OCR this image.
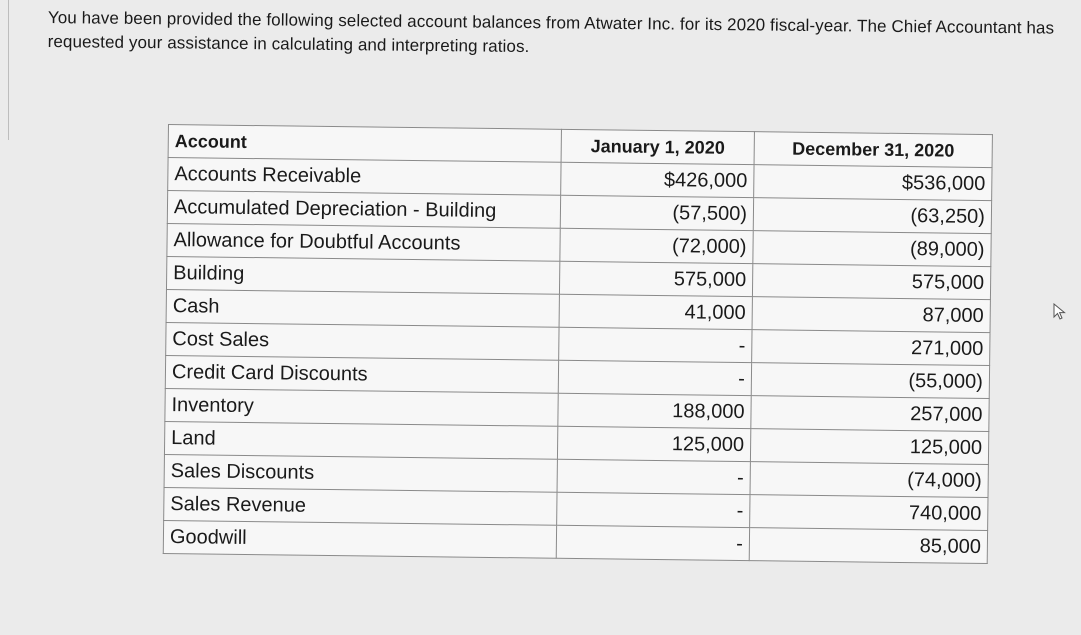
You have been provided the following selected account balances from Atwater Inc. for its 2020 fiscal-year. The Chief Accountant has requested your assistance in calculating and interpreting ratios.

Account	January 1, 2020	December 31, 2020
Accounts Receivable	$426,000	$536,000
Accumulated Depreciation - Building	(57,500)	(63,250)
Allowance for Doubtful Accounts	(72,000)	(89,000)
Building	575,000	575,000
Cash	41,000	87,000
Cost Sales	-	271,000
Credit Card Discounts	-	(55,000)
Inventory	188,000	257,000
Land	125,000	125,000
Sales Discounts	-	(74,000)
Sales Revenue	-	740,000
Goodwill	-	85,000
